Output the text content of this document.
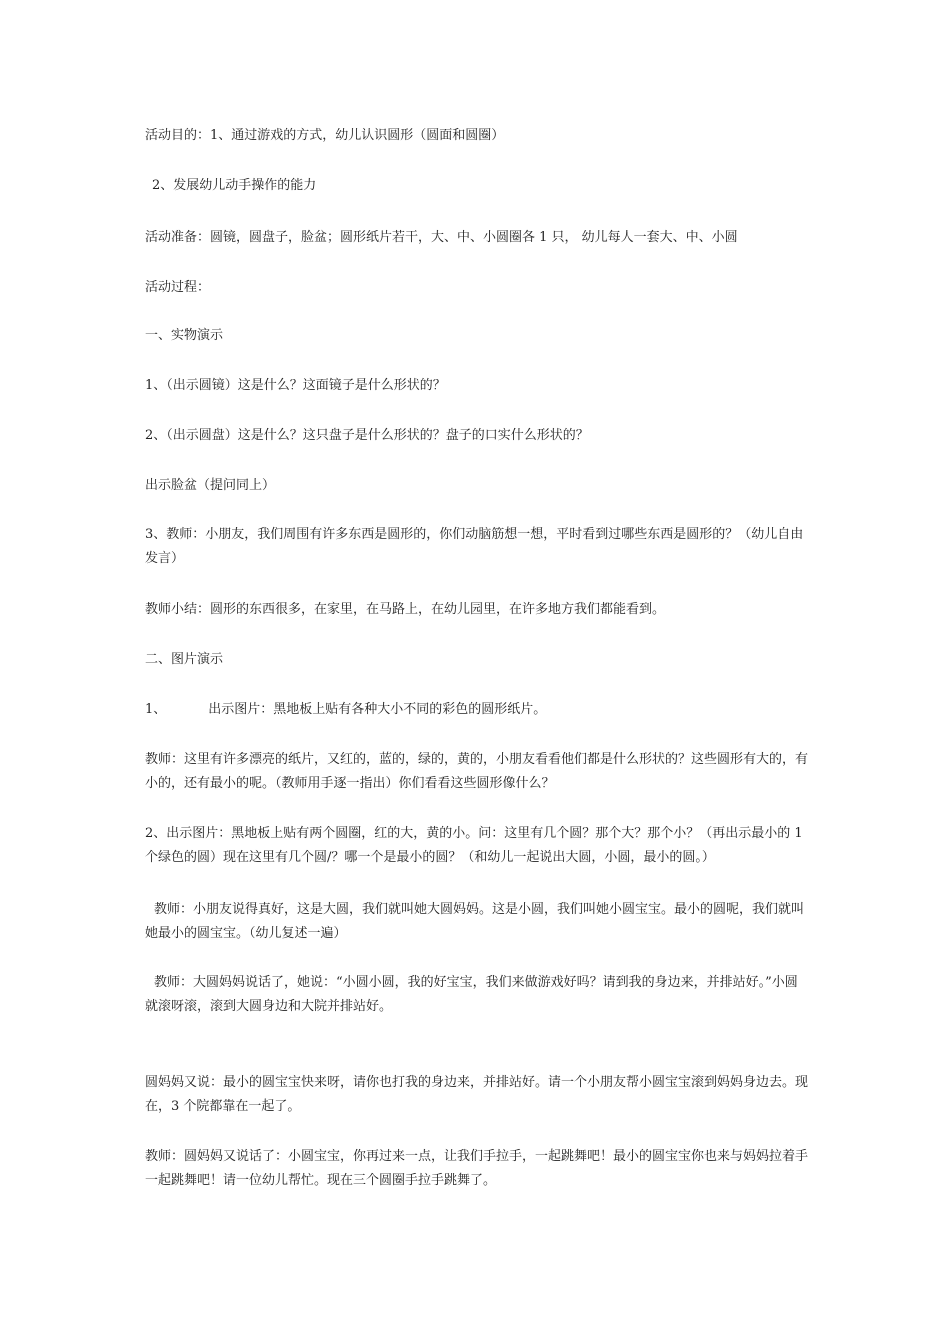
活动目的：1、通过游戏的方式，幼儿认识圆形（圆面和圆圈）
2、发展幼儿动手操作的能力
活动准备：圆镜，圆盘子，脸盆；圆形纸片若干，大、中、小圆圈各 1 只， 幼儿每人一套大、中、小圆
活动过程：
一、实物演示
1、（出示圆镜）这是什么？这面镜子是什么形状的？
2、（出示圆盘）这是什么？这只盘子是什么形状的？盘子的口实什么形状的？
出示脸盆（提问同上）
3、教师：小朋友，我们周围有许多东西是圆形的，你们动脑筋想一想，平时看到过哪些东西是圆形的？（幼儿自由发言）
教师小结：圆形的东西很多，在家里，在马路上，在幼儿园里，在许多地方我们都能看到。
二、图片演示
1、	出示图片：黑地板上贴有各种大小不同的彩色的圆形纸片。
教师：这里有许多漂亮的纸片，又红的，蓝的，绿的，黄的，小朋友看看他们都是什么形状的？这些圆形有大的，有小的，还有最小的呢。（教师用手逐一指出）你们看看这些圆形像什么？
2、出示图片：黑地板上贴有两个圆圈，红的大，黄的小。问：这里有几个圆？那个大？那个小？（再出示最小的 1 个绿色的圆）现在这里有几个圆/？哪一个是最小的圆？（和幼儿一起说出大圆，小圆，最小的圆。）
教师：小朋友说得真好，这是大圆，我们就叫她大圆妈妈。这是小圆，我们叫她小圆宝宝。最小的圆呢，我们就叫她最小的圆宝宝。（幼儿复述一遍）
教师：大圆妈妈说话了，她说：“小圆小圆，我的好宝宝，我们来做游戏好吗？请到我的身边来，并排站好。”小圆就滚呀滚，滚到大圆身边和大院并排站好。
圆妈妈又说：最小的圆宝宝快来呀，请你也打我的身边来，并排站好。请一个小朋友帮小圆宝宝滚到妈妈身边去。现在，3 个院都靠在一起了。
教师：圆妈妈又说话了：小圆宝宝，你再过来一点，让我们手拉手，一起跳舞吧！最小的圆宝宝你也来与妈妈拉着手一起跳舞吧！请一位幼儿帮忙。现在三个圆圈手拉手跳舞了。
